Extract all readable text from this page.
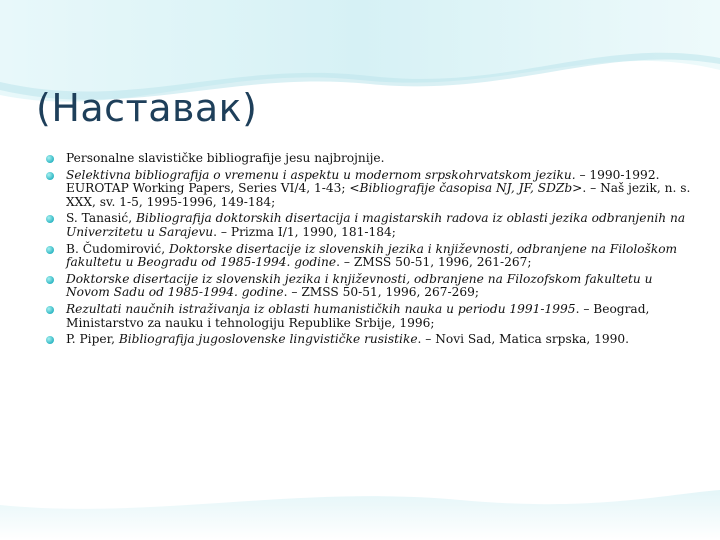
(Наставак)
Personalne slavističke bibliografije jesu najbrojnije.
Selektivna bibliografija o vremenu i aspektu u modernom srpskohrvatskom jeziku. – 1990-1992. EUROTAP Working Papers, Series VI/4, 1-43; <Bibliografije časopisa NJ, JF, SDZb>. – Naš jezik, n. s. XXX, sv. 1-5, 1995-1996, 149-184;
S. Tanasić, Bibliografija doktorskih disertacija i magistarskih radova iz oblasti jezika odbranjenih na Univerzitetu u Sarajevu. – Prizma I/1, 1990, 181-184;
B. Čudomirović, Doktorske disertacije iz slovenskih jezika i književnosti, odbranjene na Filološkom fakultetu u Beogradu od 1985-1994. godine. – ZMSS 50-51, 1996, 261-267;
Doktorske disertacije iz slovenskih jezika i književnosti, odbranjene na Filozofskom fakultetu u Novom Sadu od 1985-1994. godine. – ZMSS 50-51, 1996, 267-269;
Rezultati naučnih istraživanja iz oblasti humanističkih nauka u periodu 1991-1995. – Beograd, Ministarstvo za nauku i tehnologiju Republike Srbije, 1996;
P. Piper, Bibliografija jugoslovenske lingvističke rusistike. – Novi Sad, Matica srpska, 1990.
